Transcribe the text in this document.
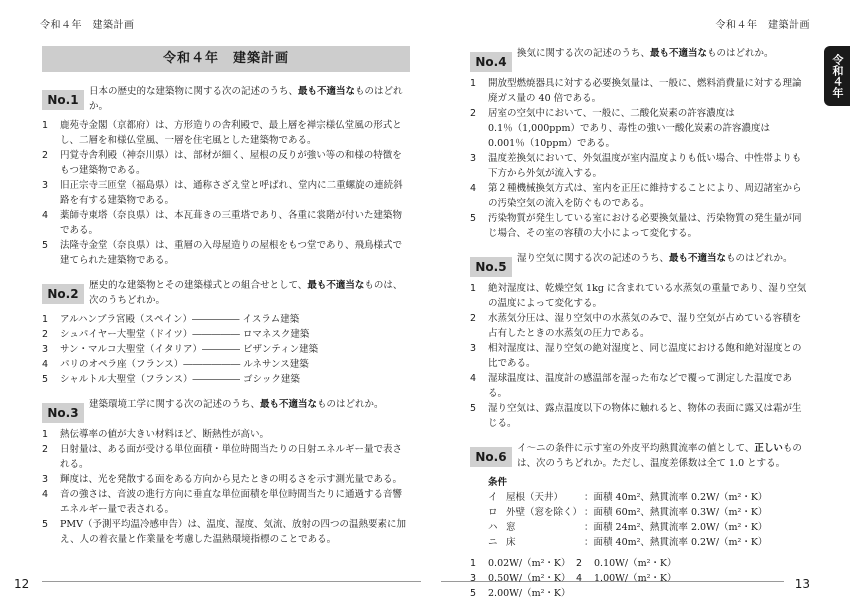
令和４年　建築計画
令和４年　建築計画
No.1
日本の歴史的な建築物に関する次の記述のうち、最も不適当なものはどれか。
1	鹿苑寺金閣（京都府）は、方形造りの舎利殿で、最上層を禅宗様仏堂風の形式とし、二層を和様仏堂風、一層を住宅風とした建築物である。
2	円覚寺舎利殿（神奈川県）は、部材が細く、屋根の反りが強い等の和様の特徴をもつ建築物である。
3	旧正宗寺三匝堂（福島県）は、通称さざえ堂と呼ばれ、堂内に二重螺旋の連続斜路を有する建築物である。
4	薬師寺東塔（奈良県）は、本瓦葺きの三重塔であり、各重に裳階が付いた建築物である。
5	法隆寺金堂（奈良県）は、重層の入母屋造りの屋根をもつ堂であり、飛鳥様式で建てられた建築物である。
No.2
歴史的な建築物とその建築様式との組合せとして、最も不適当なものは、次のうちどれか。
1	アルハンブラ宮殿（スペイン）――――― イスラム建築
2	シュパイヤー大聖堂（ドイツ）――――― ロマネスク建築
3	サン・マルコ大聖堂（イタリア）―――― ビザンティン建築
4	パリのオペラ座（フランス）―――――― ルネサンス建築
5	シャルトル大聖堂（フランス）――――― ゴシック建築
No.3
建築環境工学に関する次の記述のうち、最も不適当なものはどれか。
1	熱伝導率の値が大きい材料ほど、断熱性が高い。
2	日射量は、ある面が受ける単位面積・単位時間当たりの日射エネルギー量で表される。
3	輝度は、光を発散する面をある方向から見たときの明るさを示す測光量である。
4	音の強さは、音波の進行方向に垂直な単位面積を単位時間当たりに通過する音響エネルギー量で表される。
5	PMV（予測平均温冷感申告）は、温度、湿度、気流、放射の四つの温熱要素に加え、人の着衣量と作業量を考慮した温熱環境指標のことである。
12
令和４年　建築計画
令和４年
13
No.4
換気に関する次の記述のうち、最も不適当なものはどれか。
1	開放型燃焼器具に対する必要換気量は、一般に、燃料消費量に対する理論廃ガス量の 40 倍である。
2	居室の空気中において、一般に、二酸化炭素の許容濃度は 0.1％（1,000ppm）であり、毒性の強い一酸化炭素の許容濃度は 0.001％（10ppm）である。
3	温度差換気において、外気温度が室内温度よりも低い場合、中性帯よりも下方から外気が流入する。
4	第２種機械換気方式は、室内を正圧に維持することにより、周辺諸室からの汚染空気の流入を防ぐものである。
5	汚染物質が発生している室における必要換気量は、汚染物質の発生量が同じ場合、その室の容積の大小によって変化する。
No.5
湿り空気に関する次の記述のうち、最も不適当なものはどれか。
1	絶対湿度は、乾燥空気 1kg に含まれている水蒸気の重量であり、湿り空気の温度によって変化する。
2	水蒸気分圧は、湿り空気中の水蒸気のみで、湿り空気が占めている容積を占有したときの水蒸気の圧力である。
3	相対湿度は、湿り空気の絶対湿度と、同じ温度における飽和絶対湿度との比である。
4	湿球温度は、温度計の感温部を湿った布などで覆って測定した温度である。
5	湿り空気は、露点温度以下の物体に触れると、物体の表面に露又は霜が生じる。
No.6
イ〜ニの条件に示す室の外皮平均熱貫流率の値として、正しいものは、次のうちどれか。ただし、温度差係数は全て 1.0 とする。
条件
イ 屋根（天井）	：面積 40m²、熱貫流率 0.2W/（m²・K）
ロ 外壁（窓を除く） ：面積 60m²、熱貫流率 0.3W/（m²・K）
ハ 窓	：面積 24m²、熱貫流率 2.0W/（m²・K）
ニ 床	：面積 40m²、熱貫流率 0.2W/（m²・K）
1	0.02W/（m²・K） 2	0.10W/（m²・K）
3	0.50W/（m²・K） 4	1.00W/（m²・K）
5	2.00W/（m²・K）
